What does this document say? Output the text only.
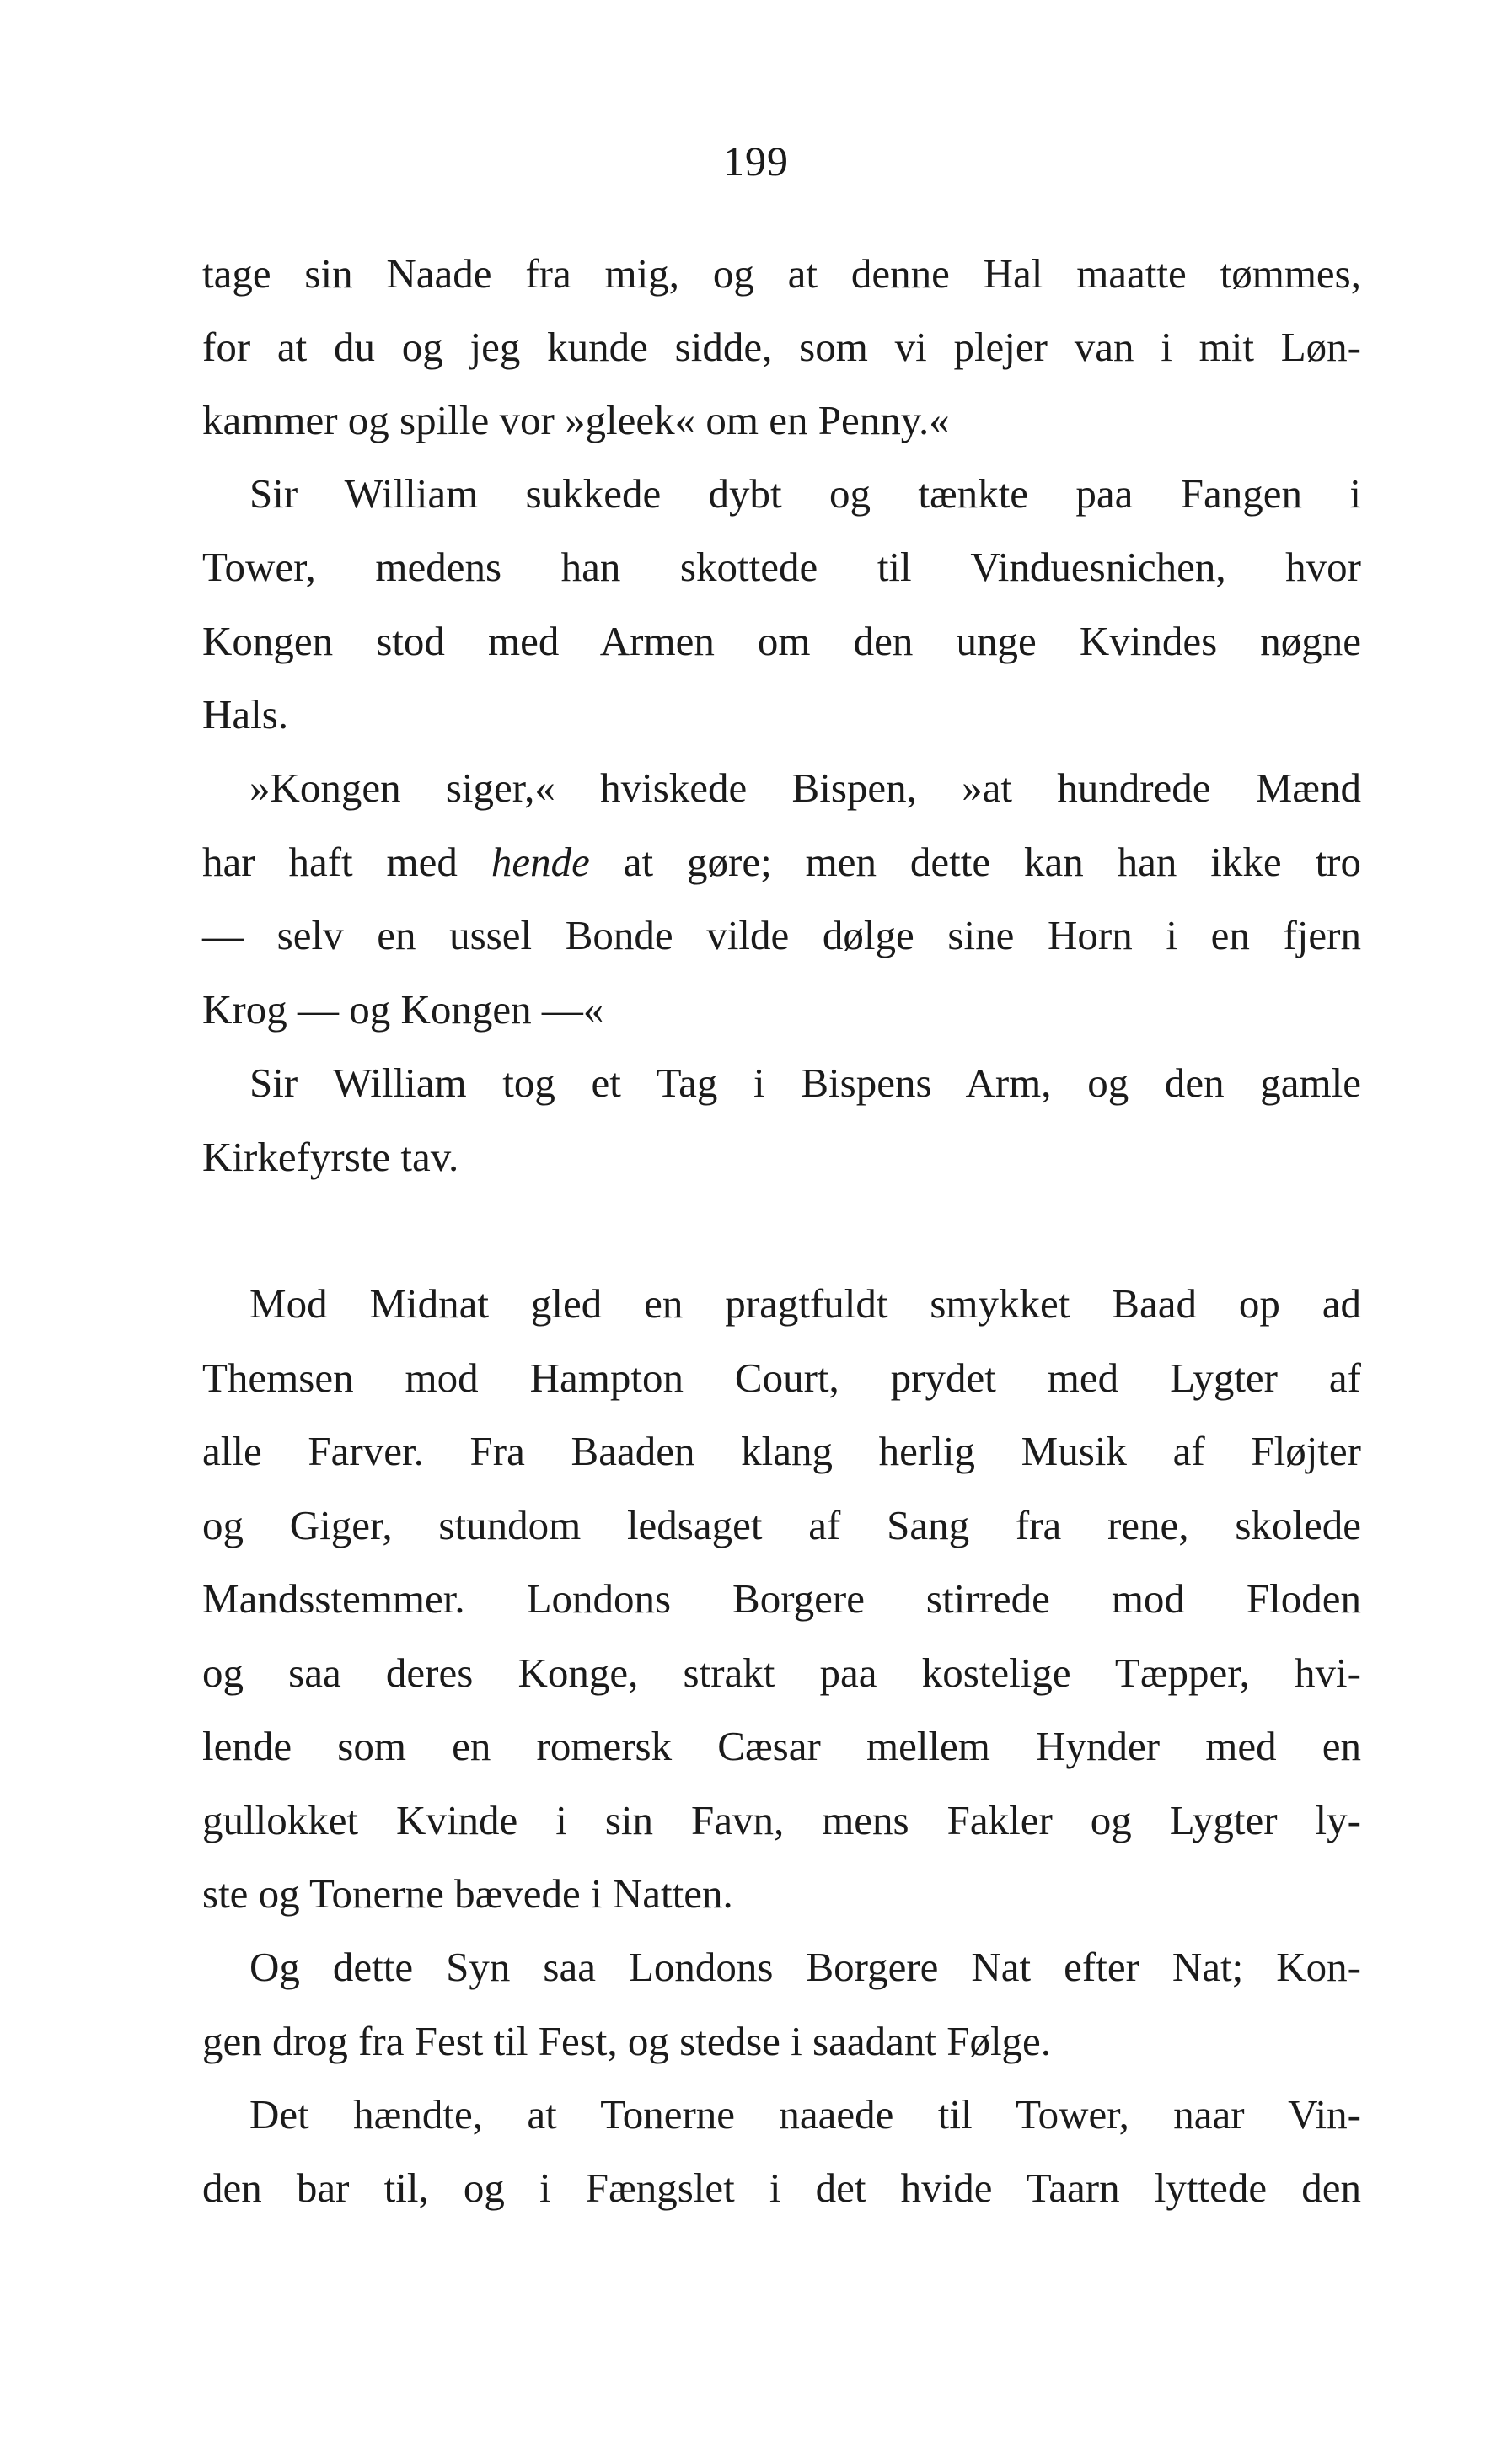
199
tage sin Naade fra mig, og at denne Hal maatte tømmes,
for at du og jeg kunde sidde, som vi plejer van i mit Løn-
kammer og spille vor »gleek« om en Penny.«
Sir William sukkede dybt og tænkte paa Fangen i
Tower, medens han skottede til Vinduesnichen, hvor
Kongen stod med Armen om den unge Kvindes nøgne
Hals.
»Kongen siger,« hviskede Bispen, »at hundrede Mænd
har haft med hende at gøre; men dette kan han ikke tro
— selv en ussel Bonde vilde dølge sine Horn i en fjern
Krog — og Kongen —«
Sir William tog et Tag i Bispens Arm, og den gamle
Kirkefyrste tav.
Mod Midnat gled en pragtfuldt smykket Baad op ad
Themsen mod Hampton Court, prydet med Lygter af
alle Farver. Fra Baaden klang herlig Musik af Fløjter
og Giger, stundom ledsaget af Sang fra rene, skolede
Mandsstemmer. Londons Borgere stirrede mod Floden
og saa deres Konge, strakt paa kostelige Tæpper, hvi-
lende som en romersk Cæsar mellem Hynder med en
gullokket Kvinde i sin Favn, mens Fakler og Lygter ly-
ste og Tonerne bævede i Natten.
Og dette Syn saa Londons Borgere Nat efter Nat; Kon-
gen drog fra Fest til Fest, og stedse i saadant Følge.
Det hændte, at Tonerne naaede til Tower, naar Vin-
den bar til, og i Fængslet i det hvide Taarn lyttede den
